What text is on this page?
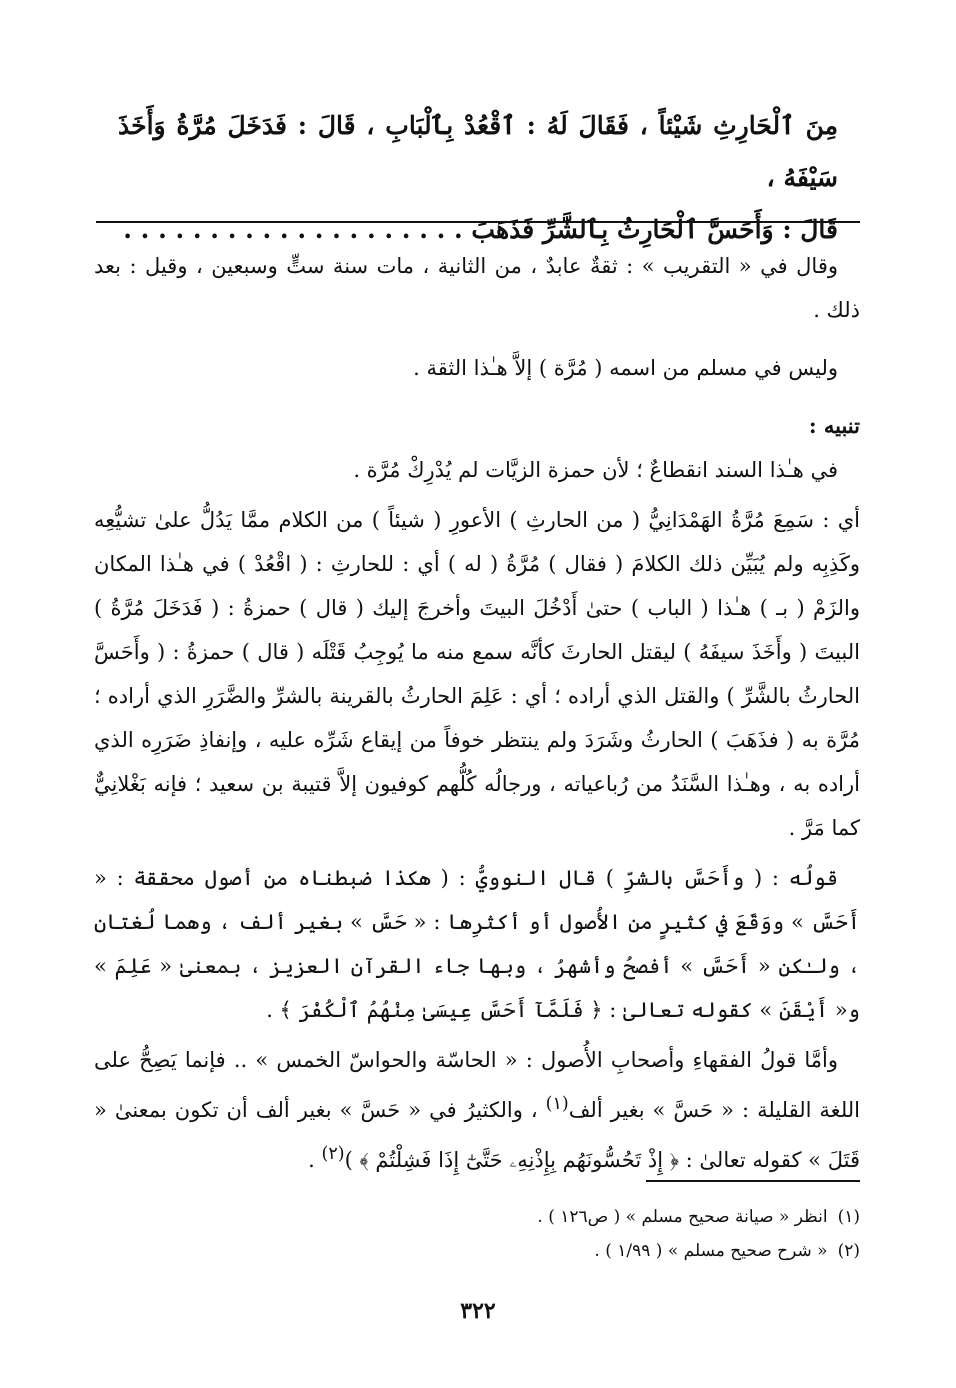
مِنَ ٱلْحَارِثِ شَيْئاً ، فَقَالَ لَهُ : ٱقْعُدْ بِٱلْبَابِ ، قَالَ : فَدَخَلَ مُرَّةُ وَأَخَذَ سَيْفَهُ ،

قَالَ : وَأَحَسَّ ٱلْحَارِثُ بِٱلشَّرِّ فَذَهَبَ . . . . . . . . . . . . . . . . . . . .

وقال في « التقريب » : ثقةٌ عابدٌ ، من الثانية ، مات سنة ستٍّ وسبعين ، وقيل : بعد ذلك .

وليس في مسلم من اسمه ( مُرَّة ) إلاَّ هـٰذا الثقة .

تنبيه :

في هـٰذا السند انقطاعٌ ؛ لأن حمزة الزيَّات لم يُدْرِكْ مُرَّة .

أي : سَمِعَ مُرَّةُ الهَمْدَانِيُّ ( من الحارثِ ) الأعورِ ( شيئاً ) من الكلام ممَّا يَدُلُّ علىٰ تشيُّعِه وكَذِبِه ولم يُبَيِّن ذلك الكلامَ ( فقال ) مُرَّةُ ( له ) أي : للحارثِ : ( اقْعُدْ ) في هـٰذا المكان والزَمْ ( بـ ) هـٰذا ( الباب ) حتىٰ أَدْخُلَ البيتَ وأخرجَ إليك ( قال ) حمزةُ : ( فَدَخَلَ مُرَّةُ ) البيتَ ( وأَخَذَ سيفَهُ ) ليقتل الحارثَ كأنَّه سمع منه ما يُوجِبُ قَتْلَه ( قال ) حمزةُ : ( وأَحَسَّ الحارثُ بالشَّرِّ ) والقتل الذي أراده ؛ أي : عَلِمَ الحارثُ بالقرينة بالشرِّ والضَّرَرِ الذي أراده ؛ مُرَّة به ( فذَهَبَ ) الحارثُ وشَرَدَ ولم ينتظر خوفاً من إيقاع شَرِّه عليه ، وإنفاذِ ضَرَرِه الذي أراده به ، وهـٰذا السَّنَدُ من رُباعياته ، ورجالُه كُلُّهم كوفيون إلاَّ قتيبة بن سعيد ؛ فإنه بَغْلانِيٌّ كما مَرَّ .

قولُه : ( وأَحَسَّ بالشرِّ ) قال النوويُّ : ( هكذا ضبطناه من أصول محققة : « أَحَسَّ » ووَقَعَ في كثيرٍ من الأُصول أو أكثرِها : « حَسَّ » بغير ألف ، وهما لُغتان ، ولـٰكن « أَحَسَّ » أفصحُ وأشهرُ ، وبها جاء القرآن العزيز ، بمعنىٰ « عَلِمَ » و« أَيْقَنَ » كقوله تعالىٰ : ﴿ فَلَمَّآ أَحَسَّ عِيسَىٰ مِنْهُمُ ٱلْكُفْرَ ﴾ .

وأمَّا قولُ الفقهاءِ وأصحابِ الأُصول : « الحاسّة والحواسّ الخمس » .. فإنما يَصِحُّ على اللغة القليلة : « حَسَّ » بغير ألف$^{(١)}$ ، والكثيرُ في « حَسَّ » بغير ألف أن تكون بمعنىٰ « قَتَلَ » كقوله تعالىٰ : ﴿ إِذْ تَحُسُّونَهُم بِإِذْنِهِۦ حَتَّىٰٓ إِذَا فَشِلْتُمْ ﴾ )$^{(٢)}$ .

(١)انظر « صيانة صحيح مسلم » ( ص١٢٦ ) .

(٢)« شرح صحيح مسلم » ( ١/٩٩ ) .

٣٢٢
